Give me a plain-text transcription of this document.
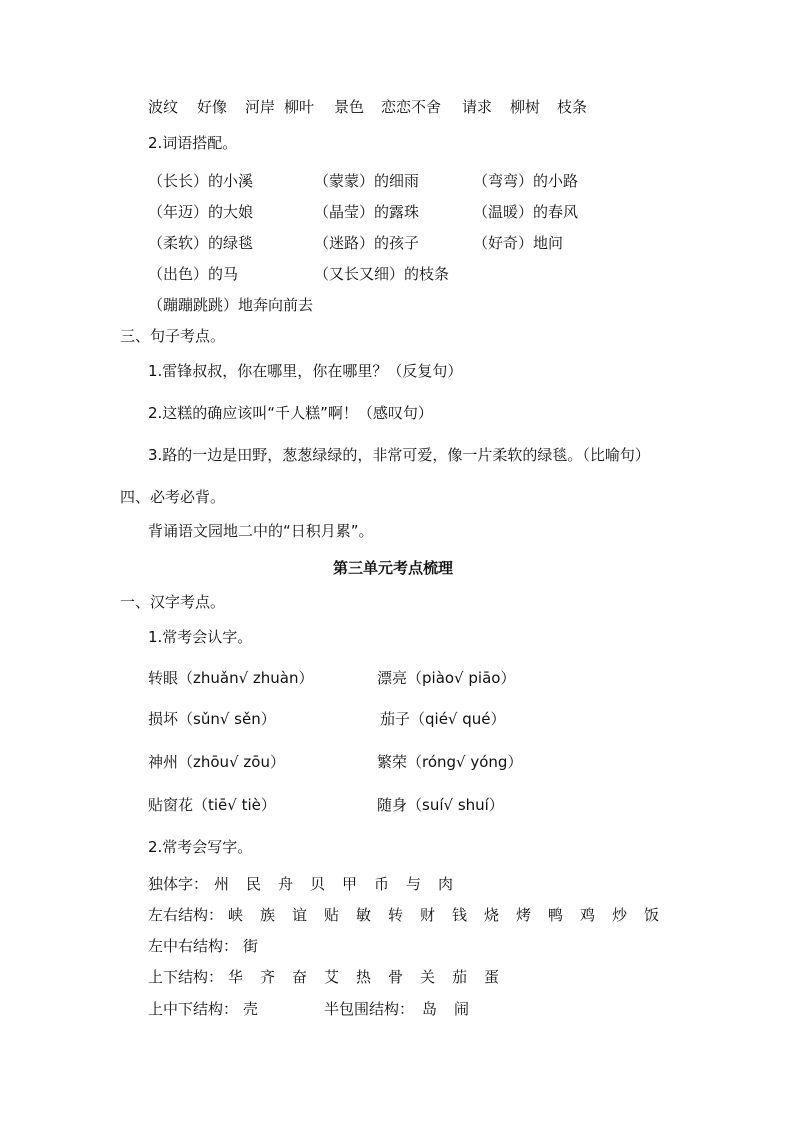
波纹 好像 河岸 柳叶 景色 恋恋不舍 请求 柳树 枝条
2.词语搭配。
（长长）的小溪	（蒙蒙）的细雨	（弯弯）的小路
（年迈）的大娘	（晶莹）的露珠	（温暖）的春风
（柔软）的绿毯	（迷路）的孩子	（好奇）地问
（出色）的马	（又长又细）的枝条
（蹦蹦跳跳）地奔向前去
三、句子考点。
1.雷锋叔叔，你在哪里，你在哪里？（反复句）
2.这糕的确应该叫“千人糕”啊！（感叹句）
3.路的一边是田野，葱葱绿绿的，非常可爱，像一片柔软的绿毯。（比喻句）
四、必考必背。
背诵语文园地二中的“日积月累”。
第三单元考点梳理
一、汉字考点。
1.常考会认字。
转眼（zhuǎn√ zhuàn）	漂亮（piào√ piāo）
损坏（sǔn√ sěn）	茄子（qié√ qué）
神州（zhōu√ zōu）	繁荣（róng√ yóng）
贴窗花（tiē√ tiè）	随身（suí√ shuí）
2.常考会写字。
独体字： 州 民 舟 贝 甲 币 与 肉
左右结构： 峡 族 谊 贴 敏 转 财 钱 烧 烤 鸭 鸡 炒 饭
左中右结构： 街
上下结构： 华 齐 奋 艾 热 骨 关 茄 蛋
上中下结构： 壳	半包围结构： 岛 闹
